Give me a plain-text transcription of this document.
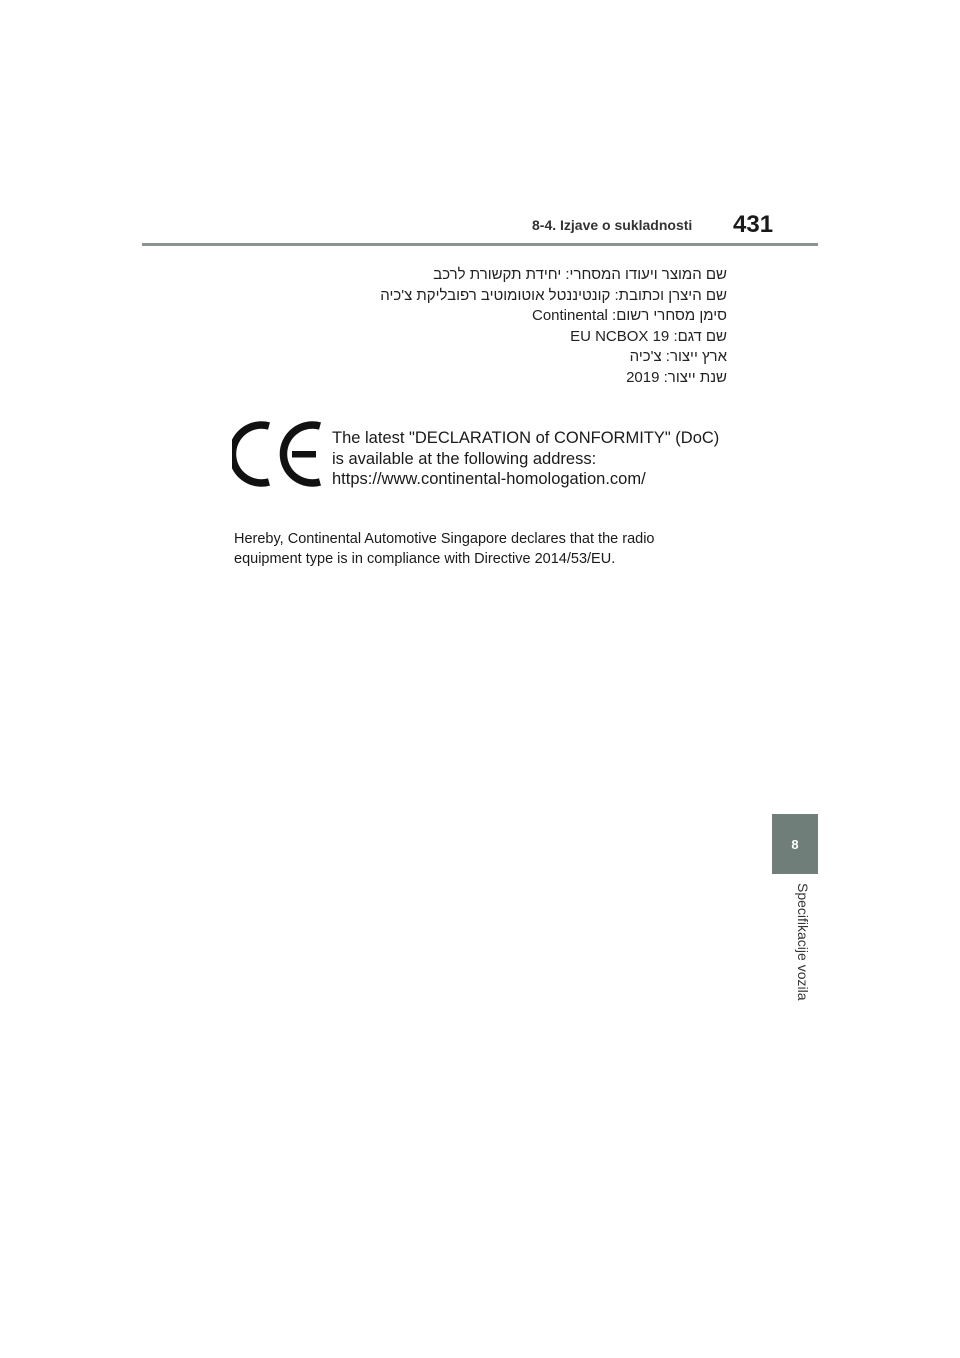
8-4. Izjave o sukladnosti 431
שם המוצר ויעודו המסחרי: יחידת תקשורת לרכב
שם היצרן וכתובת: קונטיננטל אוטומוטיב רפובליקת צ'כיה
סימן מסחרי רשום: Continental
שם דגם: EU NCBOX 19
ארץ ייצור: צ'כיה
שנת ייצור: 2019
The latest "DECLARATION of CONFORMITY" (DoC)
is available at the following address:
https://www.continental-homologation.com/
Hereby, Continental Automotive Singapore declares that the radio
equipment type is in compliance with Directive 2014/53/EU.
8
Specifikacije vozila
